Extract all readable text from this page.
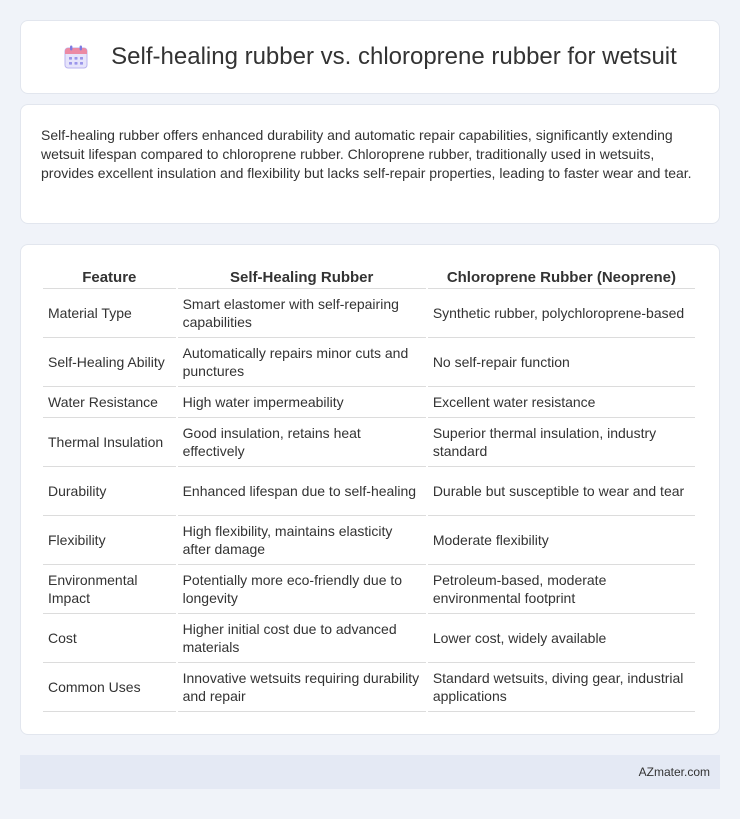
Self-healing rubber vs. chloroprene rubber for wetsuit

Self-healing rubber offers enhanced durability and automatic repair capabilities, significantly extending wetsuit lifespan compared to chloroprene rubber. Chloroprene rubber, traditionally used in wetsuits, provides excellent insulation and flexibility but lacks self-repair properties, leading to faster wear and tear.

Feature	Self-Healing Rubber	Chloroprene Rubber (Neoprene)
Material Type	Smart elastomer with self-repairing capabilities	Synthetic rubber, polychloroprene-based
Self-Healing Ability	Automatically repairs minor cuts and punctures	No self-repair function
Water Resistance	High water impermeability	Excellent water resistance
Thermal Insulation	Good insulation, retains heat effectively	Superior thermal insulation, industry standard
Durability	Enhanced lifespan due to self-healing	Durable but susceptible to wear and tear
Flexibility	High flexibility, maintains elasticity after damage	Moderate flexibility
Environmental Impact	Potentially more eco-friendly due to longevity	Petroleum-based, moderate environmental footprint
Cost	Higher initial cost due to advanced materials	Lower cost, widely available
Common Uses	Innovative wetsuits requiring durability and repair	Standard wetsuits, diving gear, industrial applications
AZmater.com
